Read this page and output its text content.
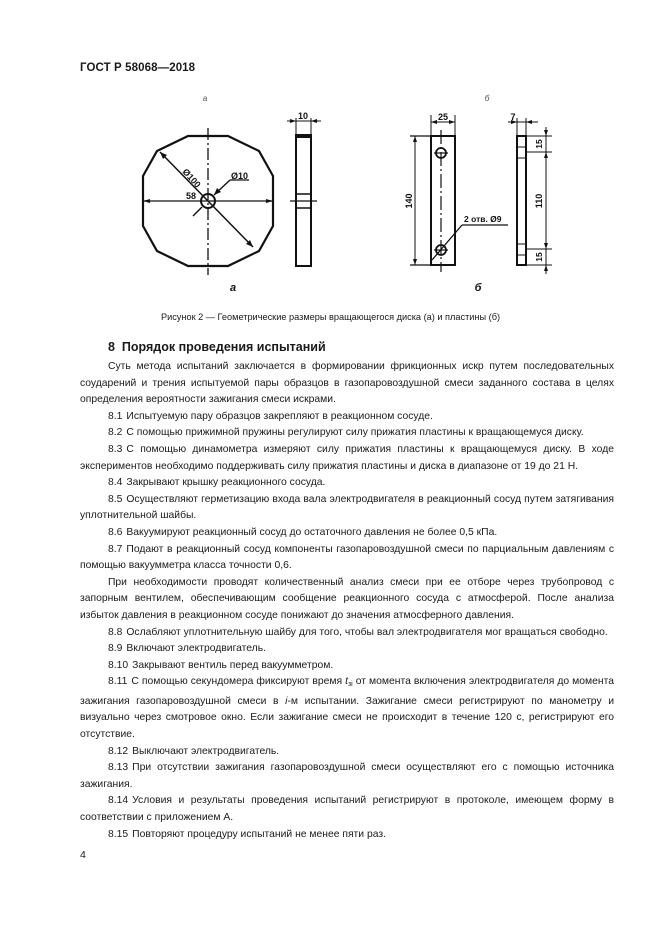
ГОСТ Р 58068—2018
а	б
Ø100	Ø10
58
10	25
140
2 отв. Ø9
7
15
110
15
а	б
Рисунок 2 — Геометрические размеры вращающегося диска (а) и пластины (б)
8 Порядок проведения испытаний

Суть метода испытаний заключается в формировании фрикционных искр путем последовательных соударений и трения испытуемой пары образцов в газопаровоздушной смеси заданного состава в целях определения вероятности зажигания смеси искрами.

8.1 Испытуемую пару образцов закрепляют в реакционном сосуде.

8.2 С помощью прижимной пружины регулируют силу прижатия пластины к вращающемуся диску.

8.3 С помощью динамометра измеряют силу прижатия пластины к вращающемуся диску. В ходе экспериментов необходимо поддерживать силу прижатия пластины и диска в диапазоне от 19 до 21 Н.

8.4 Закрывают крышку реакционного сосуда.

8.5 Осуществляют герметизацию входа вала электродвигателя в реакционный сосуд путем затягивания уплотнительной шайбы.

8.6 Вакуумируют реакционный сосуд до остаточного давления не более 0,5 кПа.

8.7 Подают в реакционный сосуд компоненты газопаровоздушной смеси по парциальным давлениям с помощью вакуумметра класса точности 0,6.

При необходимости проводят количественный анализ смеси при ее отборе через трубопровод с запорным вентилем, обеспечивающим сообщение реакционного сосуда с атмосферой. После анализа избыток давления в реакционном сосуде понижают до значения атмосферного давления.

8.8 Ослабляют уплотнительную шайбу для того, чтобы вал электродвигателя мог вращаться свободно.

8.9 Включают электродвигатель.

8.10 Закрывают вентиль перед вакуумметром.

8.11 С помощью секундомера фиксируют время $t_{зi}$ от момента включения электродвигателя до момента зажигания газопаровоздушной смеси в i-м испытании. Зажигание смеси регистрируют по манометру и визуально через смотровое окно. Если зажигание смеси не происходит в течение 120 с, регистрируют его отсутствие.

8.12 Выключают электродвигатель.

8.13 При отсутствии зажигания газопаровоздушной смеси осуществляют его с помощью источника зажигания.

8.14 Условия и результаты проведения испытаний регистрируют в протоколе, имеющем форму в соответствии с приложением А.

8.15 Повторяют процедуру испытаний не менее пяти раз.

4
